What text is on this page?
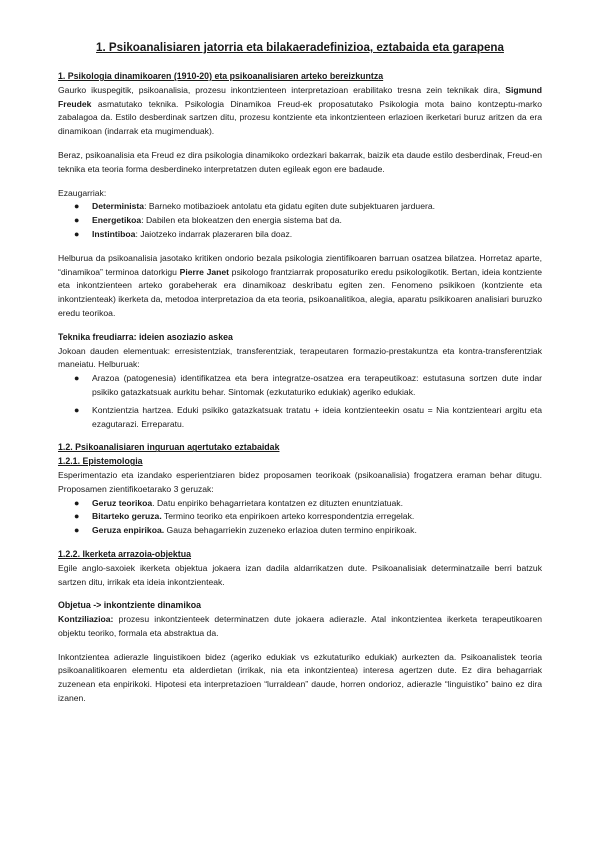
1. Psikoanalisiaren jatorria eta bilakaeradefinizioa, eztabaida eta garapena
1. Psikologia dinamikoaren (1910-20) eta psikoanalisiaren arteko bereizkuntza

Gaurko ikuspegitik, psikoanalisia, prozesu inkontzienteen interpretazioan erabilitako tresna zein teknikak dira, Sigmund Freudek asmatutako teknika. Psikologia Dinamikoa Freud-ek proposatutako Psikologia mota baino kontzeptu-marko zabalagoa da. Estilo desberdinak sartzen ditu, prozesu kontziente eta inkontzienteen erlazioen ikerketari buruz aritzen da era dinamikoan (indarrak eta mugimenduak).

Beraz, psikoanalisia eta Freud ez dira psikologia dinamikoko ordezkari bakarrak, baizik eta daude estilo desberdinak, Freud-en teknika eta teoria forma desberdineko interpretatzen duten egileak egon ere badaude.

Ezaugarriak:

● Determinista: Barneko motibazioek antolatu eta gidatu egiten dute subjektuaren jarduera.
● Energetikoa: Dabilen eta blokeatzen den energia sistema bat da.
● Instintiboa: Jaiotzeko indarrak plazeraren bila doaz.

Helburua da psikoanalisia jasotako kritiken ondorio bezala psikologia zientifikoaren barruan osatzea bilatzea. Horretaz aparte, “dinamikoa” terminoa datorkigu Pierre Janet psikologo frantziarrak proposaturiko eredu psikologikotik. Bertan, ideia kontziente eta inkontzienteen arteko gorabeherak era dinamikoaz deskribatu egiten zen. Fenomeno psikikoen (kontziente eta inkontzienteak) ikerketa da, metodoa interpretazioa da eta teoria, psikoanalitikoa, alegia, aparatu psikikoaren analisiari buruzko eredu teorikoa.

Teknika freudiarra: ideien asoziazio askea

Jokoan dauden elementuak: erresistentziak, transferentziak, terapeutaren formazio-prestakuntza eta kontra-transferentziak maneiatu. Helburuak:

● Arazoa (patogenesia) identifikatzea eta bera integratze-osatzea era terapeutikoaz: estutasuna sortzen dute indar psikiko gatazkatsuak aurkitu behar. Sintomak (ezkutaturiko edukiak) ageriko edukiak.
● Kontzientzia hartzea. Eduki psikiko gatazkatsuak tratatu + ideia kontzienteekin osatu = Nia kontzienteari argitu eta ezagutarazi. Erreparatu.
1.2. Psikoanalisiaren inguruan agertutako eztabaidak
1.2.1. Epistemologia

Esperimentazio eta izandako esperientziaren bidez proposamen teorikoak (psikoanalisia) frogatzera eraman behar ditugu. Proposamen zientifikoetarako 3 geruzak:

● Geruz teorikoa. Datu enpiriko behagarrietara kontatzen ez dituzten enuntziatuak.
● Bitarteko geruza. Termino teoriko eta enpirikoen arteko korrespondentzia erregelak.
● Geruza enpirikoa. Gauza behagarriekin zuzeneko erlazioa duten termino enpirikoak.
1.2.2. Ikerketa arrazoia-objektua

Egile anglo-saxoiek ikerketa objektua jokaera izan dadila aldarrikatzen dute. Psikoanalisiak determinatzaile berri batzuk sartzen ditu, irrikak eta ideia inkontzienteak.

Objetua -> inkontziente dinamikoa

Kontziliazioa: prozesu inkontzienteek determinatzen dute jokaera adierazle. Atal inkontzientea ikerketa terapeutikoaren objektu teoriko, formala eta abstraktua da.

Inkontzientea adierazle linguistikoen bidez (ageriko edukiak vs ezkutaturiko edukiak) aurkezten da. Psikoanalistek teoria psikoanalitikoaren elementu eta alderdietan (irrikak, nia eta inkontzientea) interesa agertzen dute. Ez dira behagarriak zuzenean eta enpirikoki. Hipotesi eta interpretazioen “lurraldean” daude, horren ondorioz, adierazle “linguistiko” baino ez dira izanen.
